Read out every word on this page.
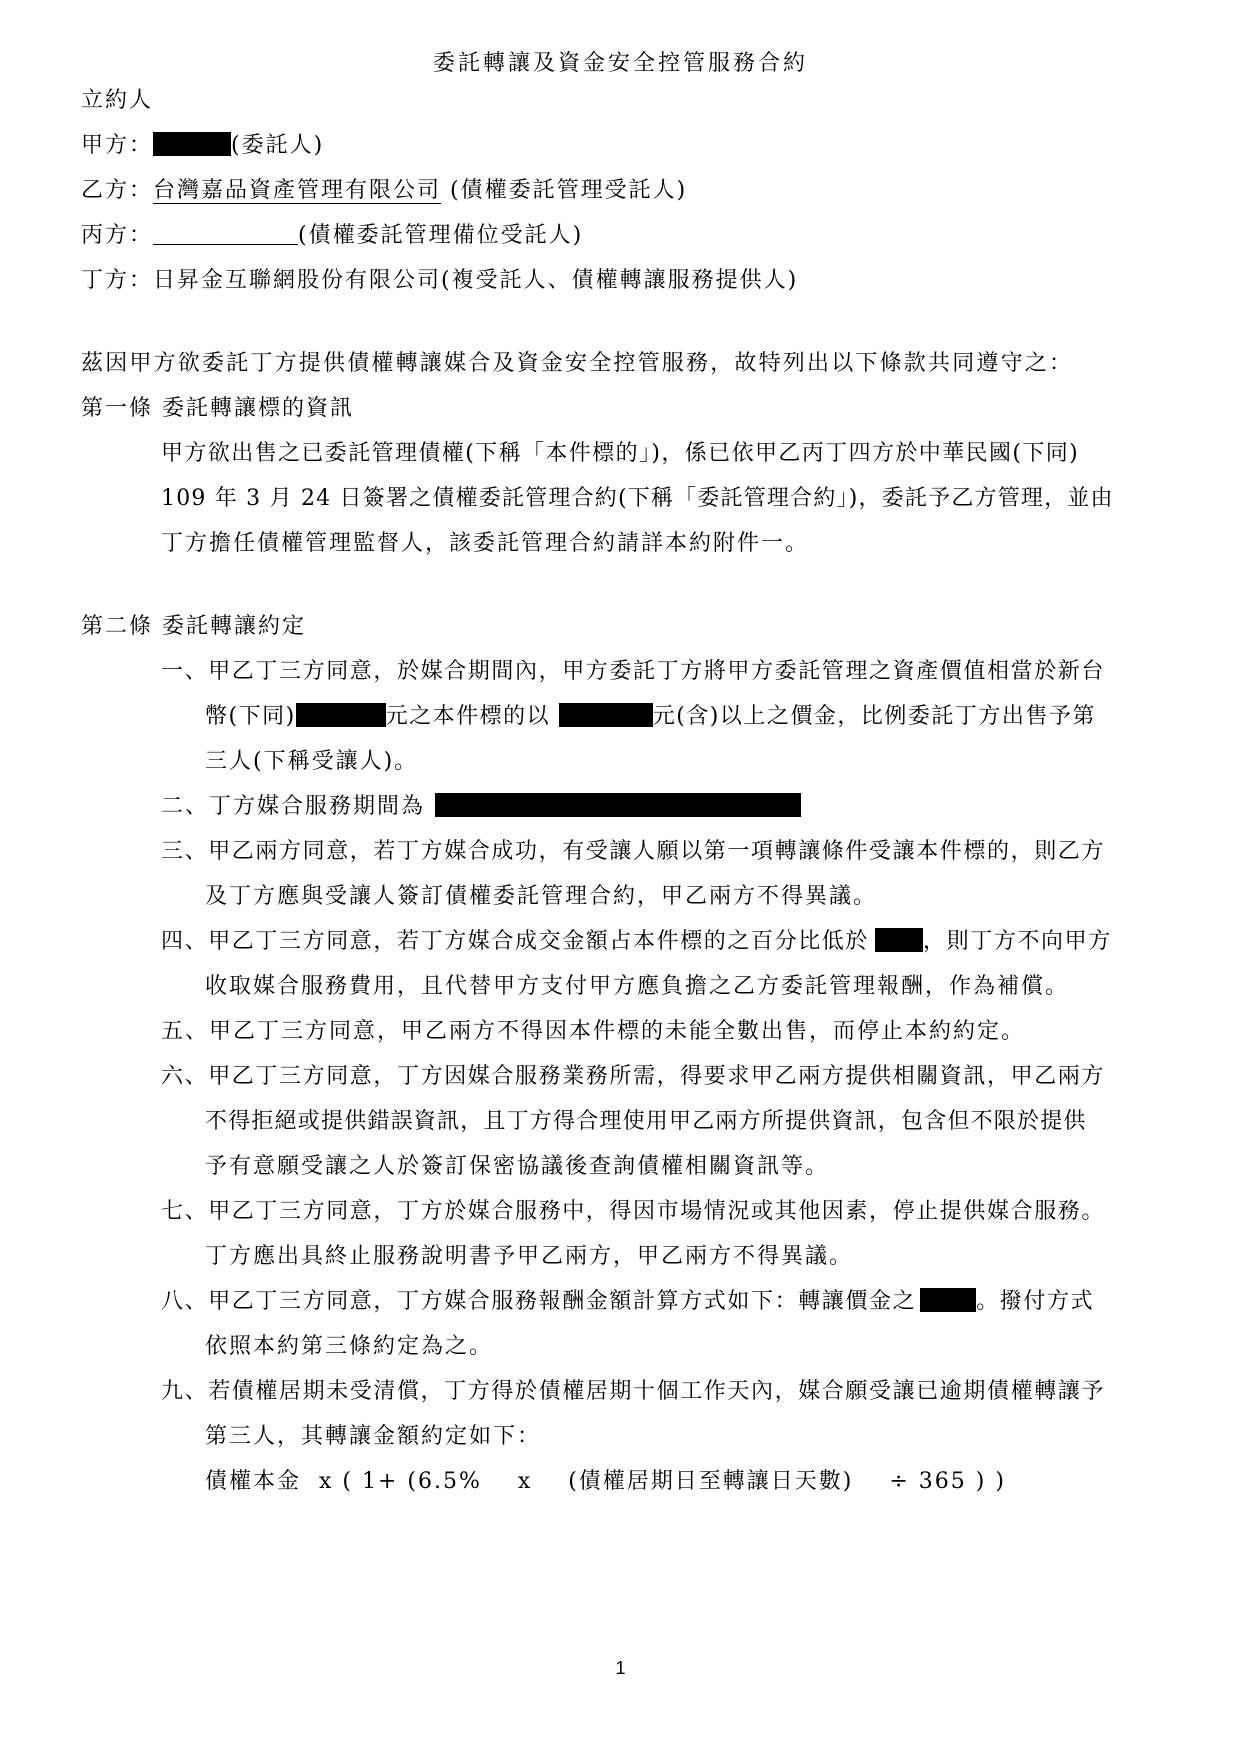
委託轉讓及資金安全控管服務合約
立約人
甲方：	(委託人)
乙方：台灣嘉品資產管理有限公司 (債權委託管理受託人)
丙方：	(債權委託管理備位受託人)
丁方：日昇金互聯網股份有限公司(複受託人、債權轉讓服務提供人)
茲因甲方欲委託丁方提供債權轉讓媒合及資金安全控管服務，故特列出以下條款共同遵守之：
第一條 委託轉讓標的資訊
甲方欲出售之已委託管理債權(下稱「本件標的」)，係已依甲乙丙丁四方於中華民國(下同)
109 年 3 月 24 日簽署之債權委託管理合約(下稱「委託管理合約」)，委託予乙方管理，並由
丁方擔任債權管理監督人，該委託管理合約請詳本約附件一。
第二條 委託轉讓約定
一、甲乙丁三方同意，於媒合期間內，甲方委託丁方將甲方委託管理之資產價值相當於新台
幣(下同)	元之本件標的以	元(含)以上之價金，比例委託丁方出售予第
三人(下稱受讓人)。
二、丁方媒合服務期間為
三、甲乙兩方同意，若丁方媒合成功，有受讓人願以第一項轉讓條件受讓本件標的，則乙方
及丁方應與受讓人簽訂債權委託管理合約，甲乙兩方不得異議。
四、甲乙丁三方同意，若丁方媒合成交金額占本件標的之百分比低於 ，則丁方不向甲方
收取媒合服務費用，且代替甲方支付甲方應負擔之乙方委託管理報酬，作為補償。
五、甲乙丁三方同意，甲乙兩方不得因本件標的未能全數出售，而停止本約約定。
六、甲乙丁三方同意，丁方因媒合服務業務所需，得要求甲乙兩方提供相關資訊，甲乙兩方
不得拒絕或提供錯誤資訊，且丁方得合理使用甲乙兩方所提供資訊，包含但不限於提供
予有意願受讓之人於簽訂保密協議後查詢債權相關資訊等。
七、甲乙丁三方同意，丁方於媒合服務中，得因市場情況或其他因素，停止提供媒合服務。
丁方應出具終止服務說明書予甲乙兩方，甲乙兩方不得異議。
八、甲乙丁三方同意，丁方媒合服務報酬金額計算方式如下：轉讓價金之	。撥付方式
依照本約第三條約定為之。
九、若債權居期未受清償，丁方得於債權居期十個工作天內，媒合願受讓已逾期債權轉讓予
第三人，其轉讓金額約定如下：
債權本金  x ( 1+ (6.5%    x    (債權居期日至轉讓日天數)    ÷ 365 ) )
1
